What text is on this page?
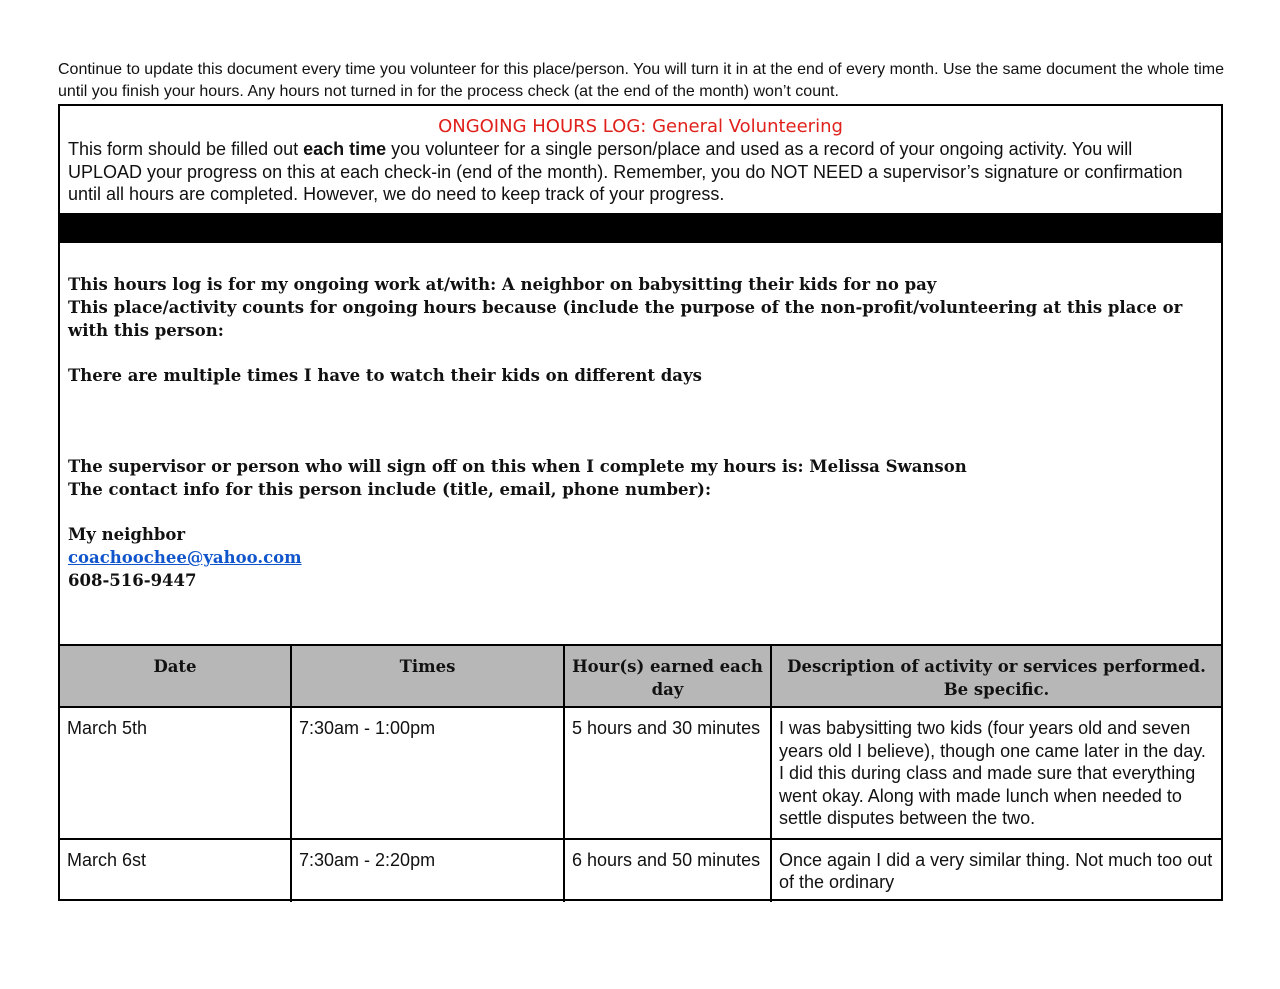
Continue to update this document every time you volunteer for this place/person. You will turn it in at the end of every month. Use the same document the whole time until you finish your hours. Any hours not turned in for the process check (at the end of the month) won’t count.
ONGOING HOURS LOG: General Volunteering
This form should be filled out each time you volunteer for a single person/place and used as a record of your ongoing activity. You will UPLOAD your progress on this at each check-in (end of the month). Remember, you do NOT NEED a supervisor’s signature or confirmation until all hours are completed. However, we do need to keep track of your progress.

This hours log is for my ongoing work at/with: A neighbor on babysitting their kids for no pay

This place/activity counts for ongoing hours because (include the purpose of the non-profit/volunteering at this place or with this person:

There are multiple times I have to watch their kids on different days

The supervisor or person who will sign off on this when I complete my hours is: Melissa Swanson

The contact info for this person include (title, email, phone number):

My neighbor

coachoochee@yahoo.com

608-516-9447

Date	Times	Hour(s) earned each day	Description of activity or services performed. Be specific.
March 5th	7:30am - 1:00pm	5 hours and 30 minutes	I was babysitting two kids (four years old and seven years old I believe), though one came later in the day. I did this during class and made sure that everything went okay. Along with made lunch when needed to settle disputes between the two.
March 6st	7:30am - 2:20pm	6 hours and 50 minutes	Once again I did a very similar thing. Not much too out of the ordinary
